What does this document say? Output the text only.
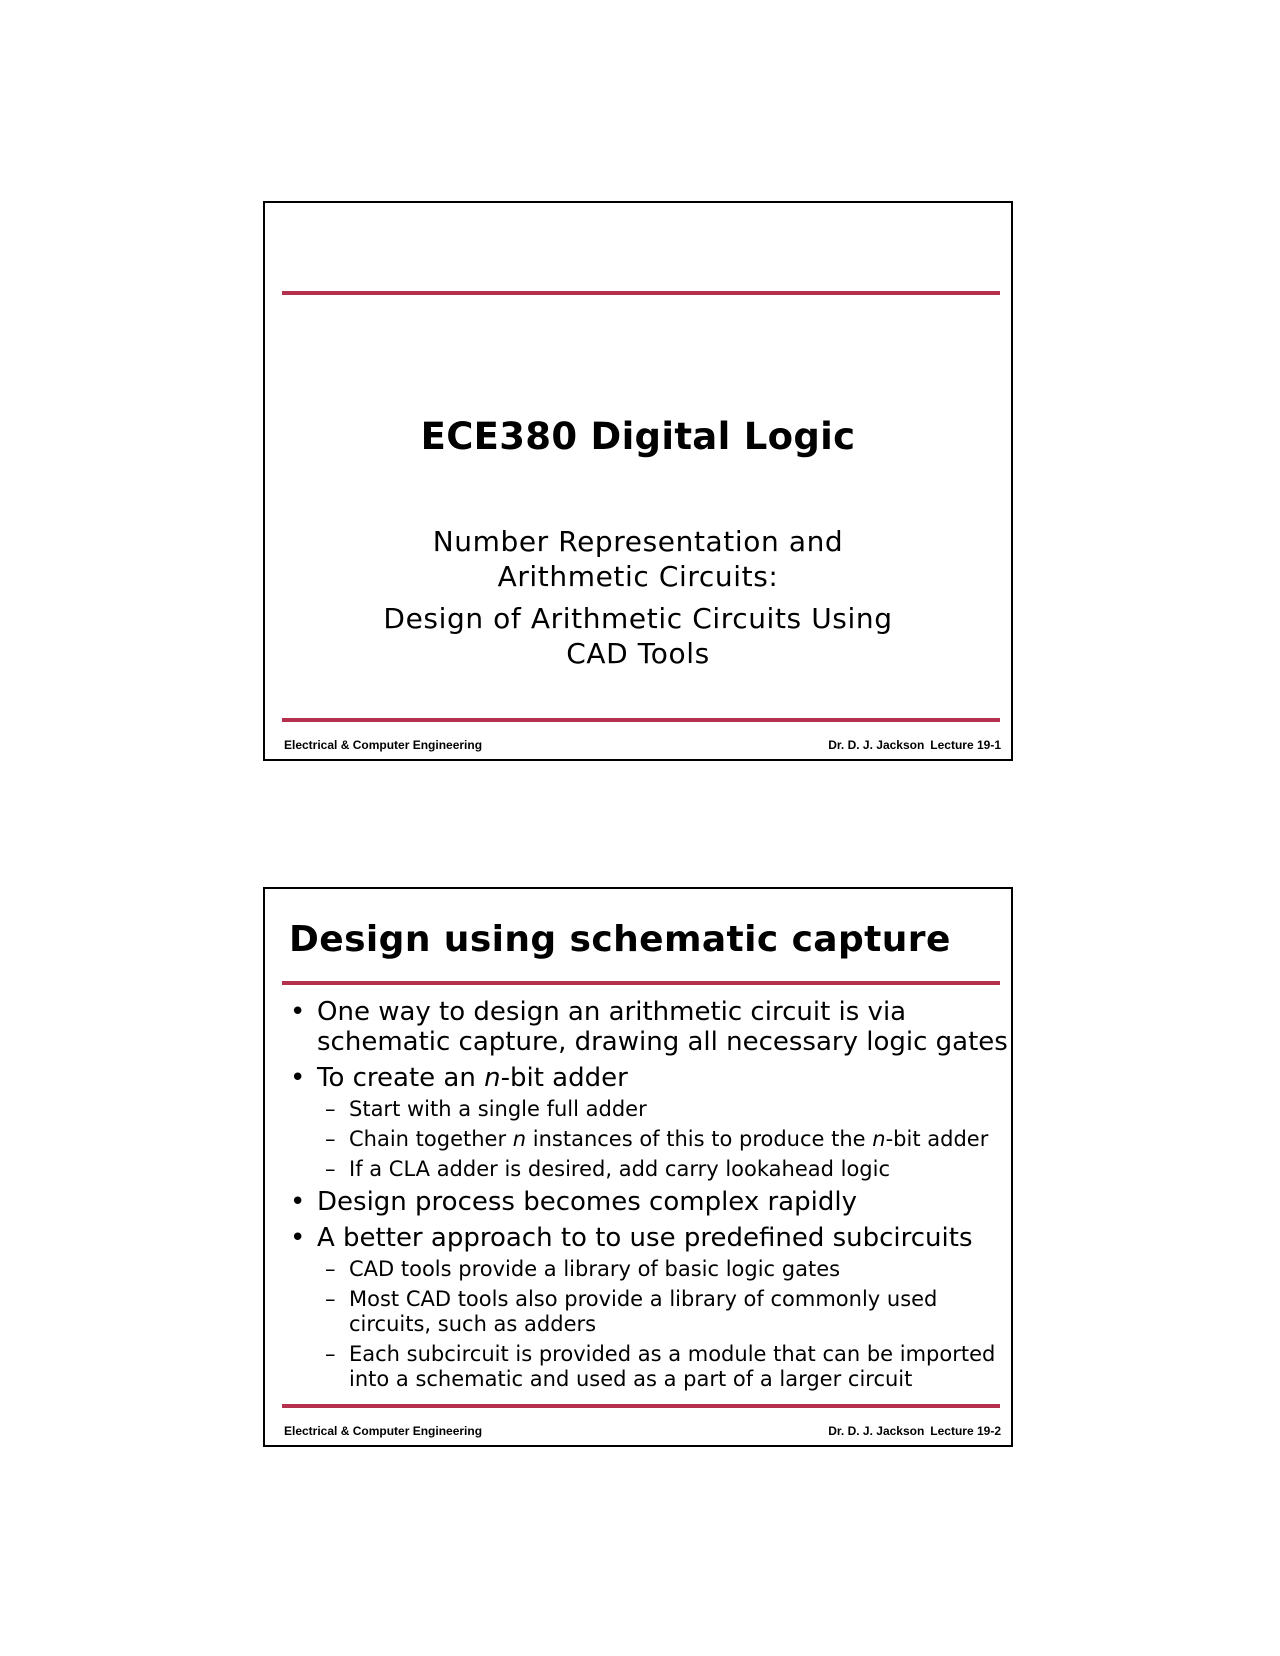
ECE380 Digital Logic
Number Representation and
Arithmetic Circuits:
Design of Arithmetic Circuits Using
CAD Tools
Electrical & Computer Engineering	Dr. D. J. Jackson Lecture 19-1
Design using schematic capture
• One way to design an arithmetic circuit is via
schematic capture, drawing all necessary logic gates
• To create an n-bit adder
– Start with a single full adder
– Chain together n instances of this to produce the n-bit adder
– If a CLA adder is desired, add carry lookahead logic
• Design process becomes complex rapidly
• A better approach to to use predefined subcircuits
– CAD tools provide a library of basic logic gates
– Most CAD tools also provide a library of commonly used
circuits, such as adders
– Each subcircuit is provided as a module that can be imported
into a schematic and used as a part of a larger circuit
Electrical & Computer Engineering	Dr. D. J. Jackson Lecture 19-2
